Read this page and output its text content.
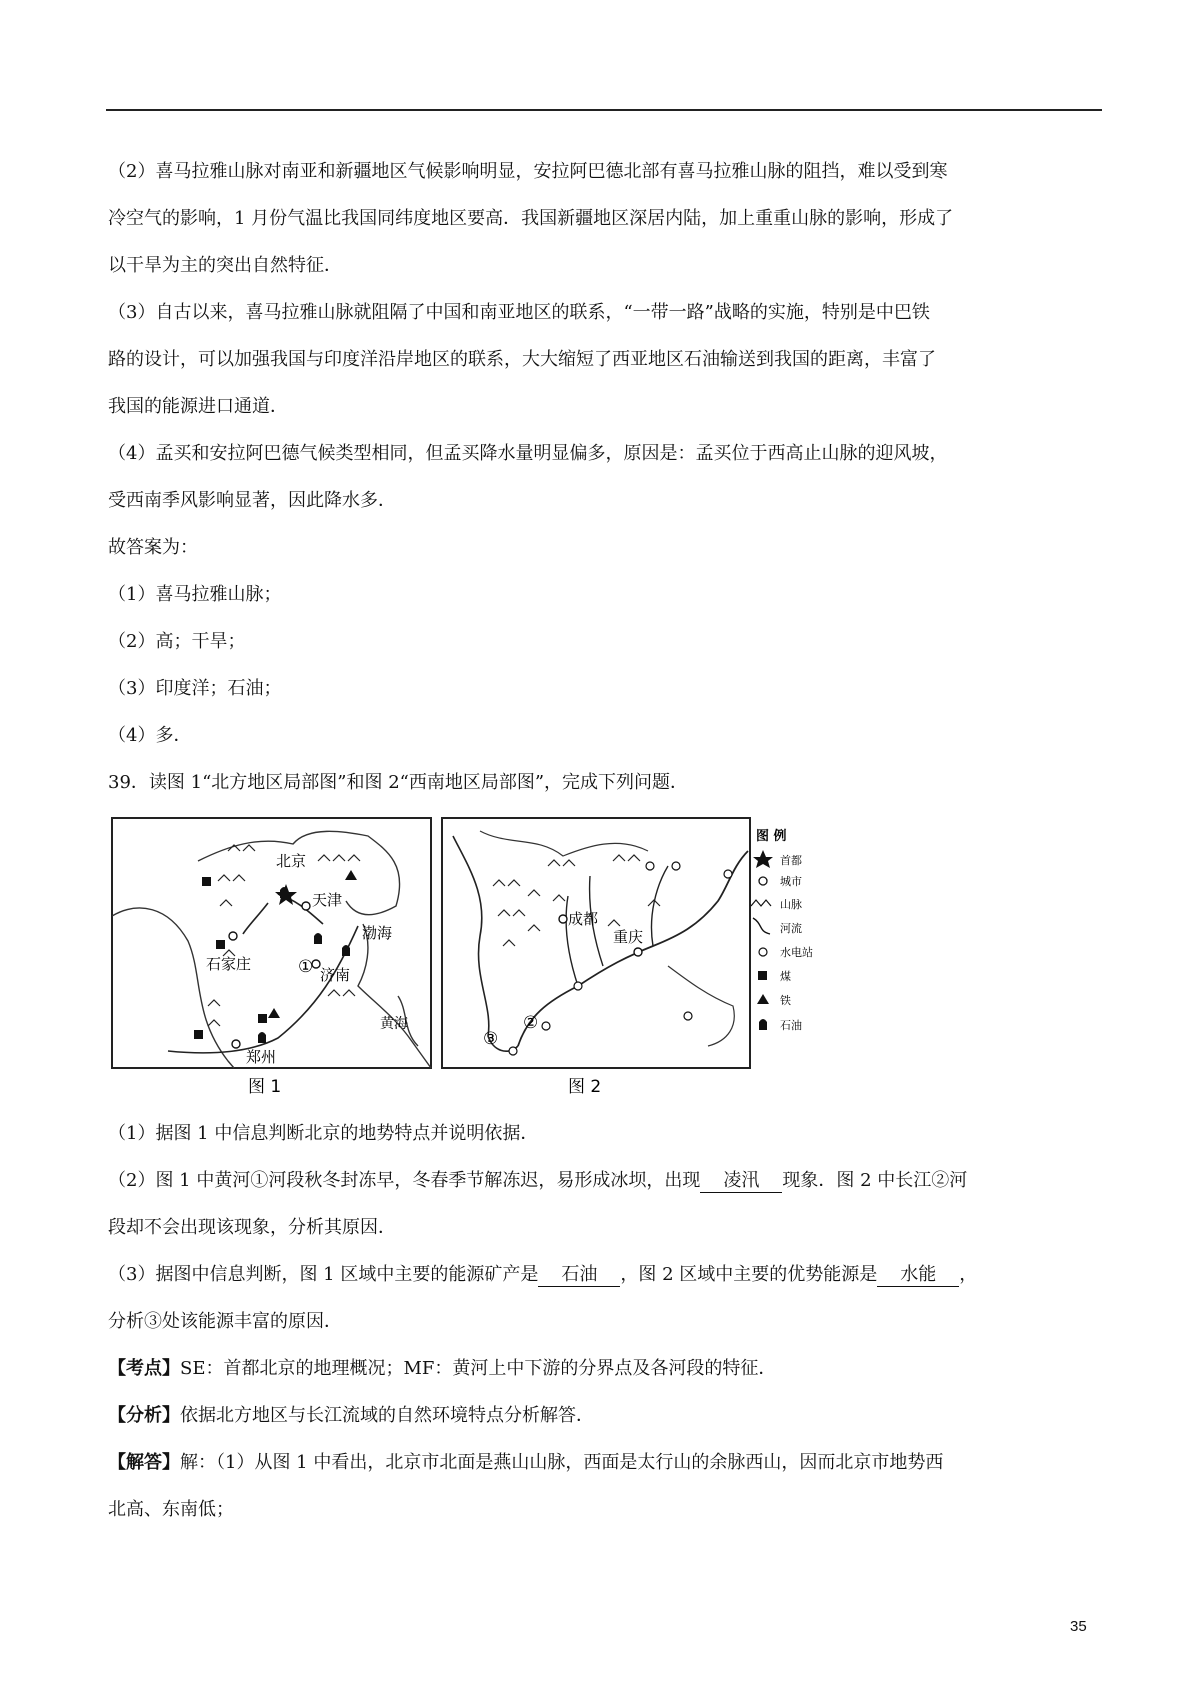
（2）喜马拉雅山脉对南亚和新疆地区气候影响明显，安拉阿巴德北部有喜马拉雅山脉的阻挡，难以受到寒
冷空气的影响，1 月份气温比我国同纬度地区要高．我国新疆地区深居内陆，加上重重山脉的影响，形成了
以干旱为主的突出自然特征．
（3）自古以来，喜马拉雅山脉就阻隔了中国和南亚地区的联系，“一带一路”战略的实施，特别是中巴铁
路的设计，可以加强我国与印度洋沿岸地区的联系，大大缩短了西亚地区石油输送到我国的距离，丰富了
我国的能源进口通道．
（4）孟买和安拉阿巴德气候类型相同，但孟买降水量明显偏多，原因是：孟买位于西高止山脉的迎风坡，
受西南季风影响显著，因此降水多．
故答案为：
（1）喜马拉雅山脉；
（2）高；干旱；
（3）印度洋；石油；
（4）多．
39．读图 1“北方地区局部图”和图 2“西南地区局部图”，完成下列问题．
北京
天津
渤海
石家庄
济南
郑州
黄海
①
成都
重庆
②
③
图 例
首都
城市
山脉
河流
水电站
煤
铁
石油
图 1	图 2
（1）据图 1 中信息判断北京的地势特点并说明依据．
（2）图 1 中黄河①河段秋冬封冻早，冬春季节解冻迟，易形成冰坝，出现 凌汛 现象．图 2 中长江②河
段却不会出现该现象，分析其原因．
（3）据图中信息判断，图 1 区域中主要的能源矿产是 石油 ，图 2 区域中主要的优势能源是 水能 ，
分析③处该能源丰富的原因．
【考点】SE：首都北京的地理概况；MF：黄河上中下游的分界点及各河段的特征．
【分析】依据北方地区与长江流域的自然环境特点分析解答．
【解答】解：（1）从图 1 中看出，北京市北面是燕山山脉，西面是太行山的余脉西山，因而北京市地势西
北高、东南低；
35
